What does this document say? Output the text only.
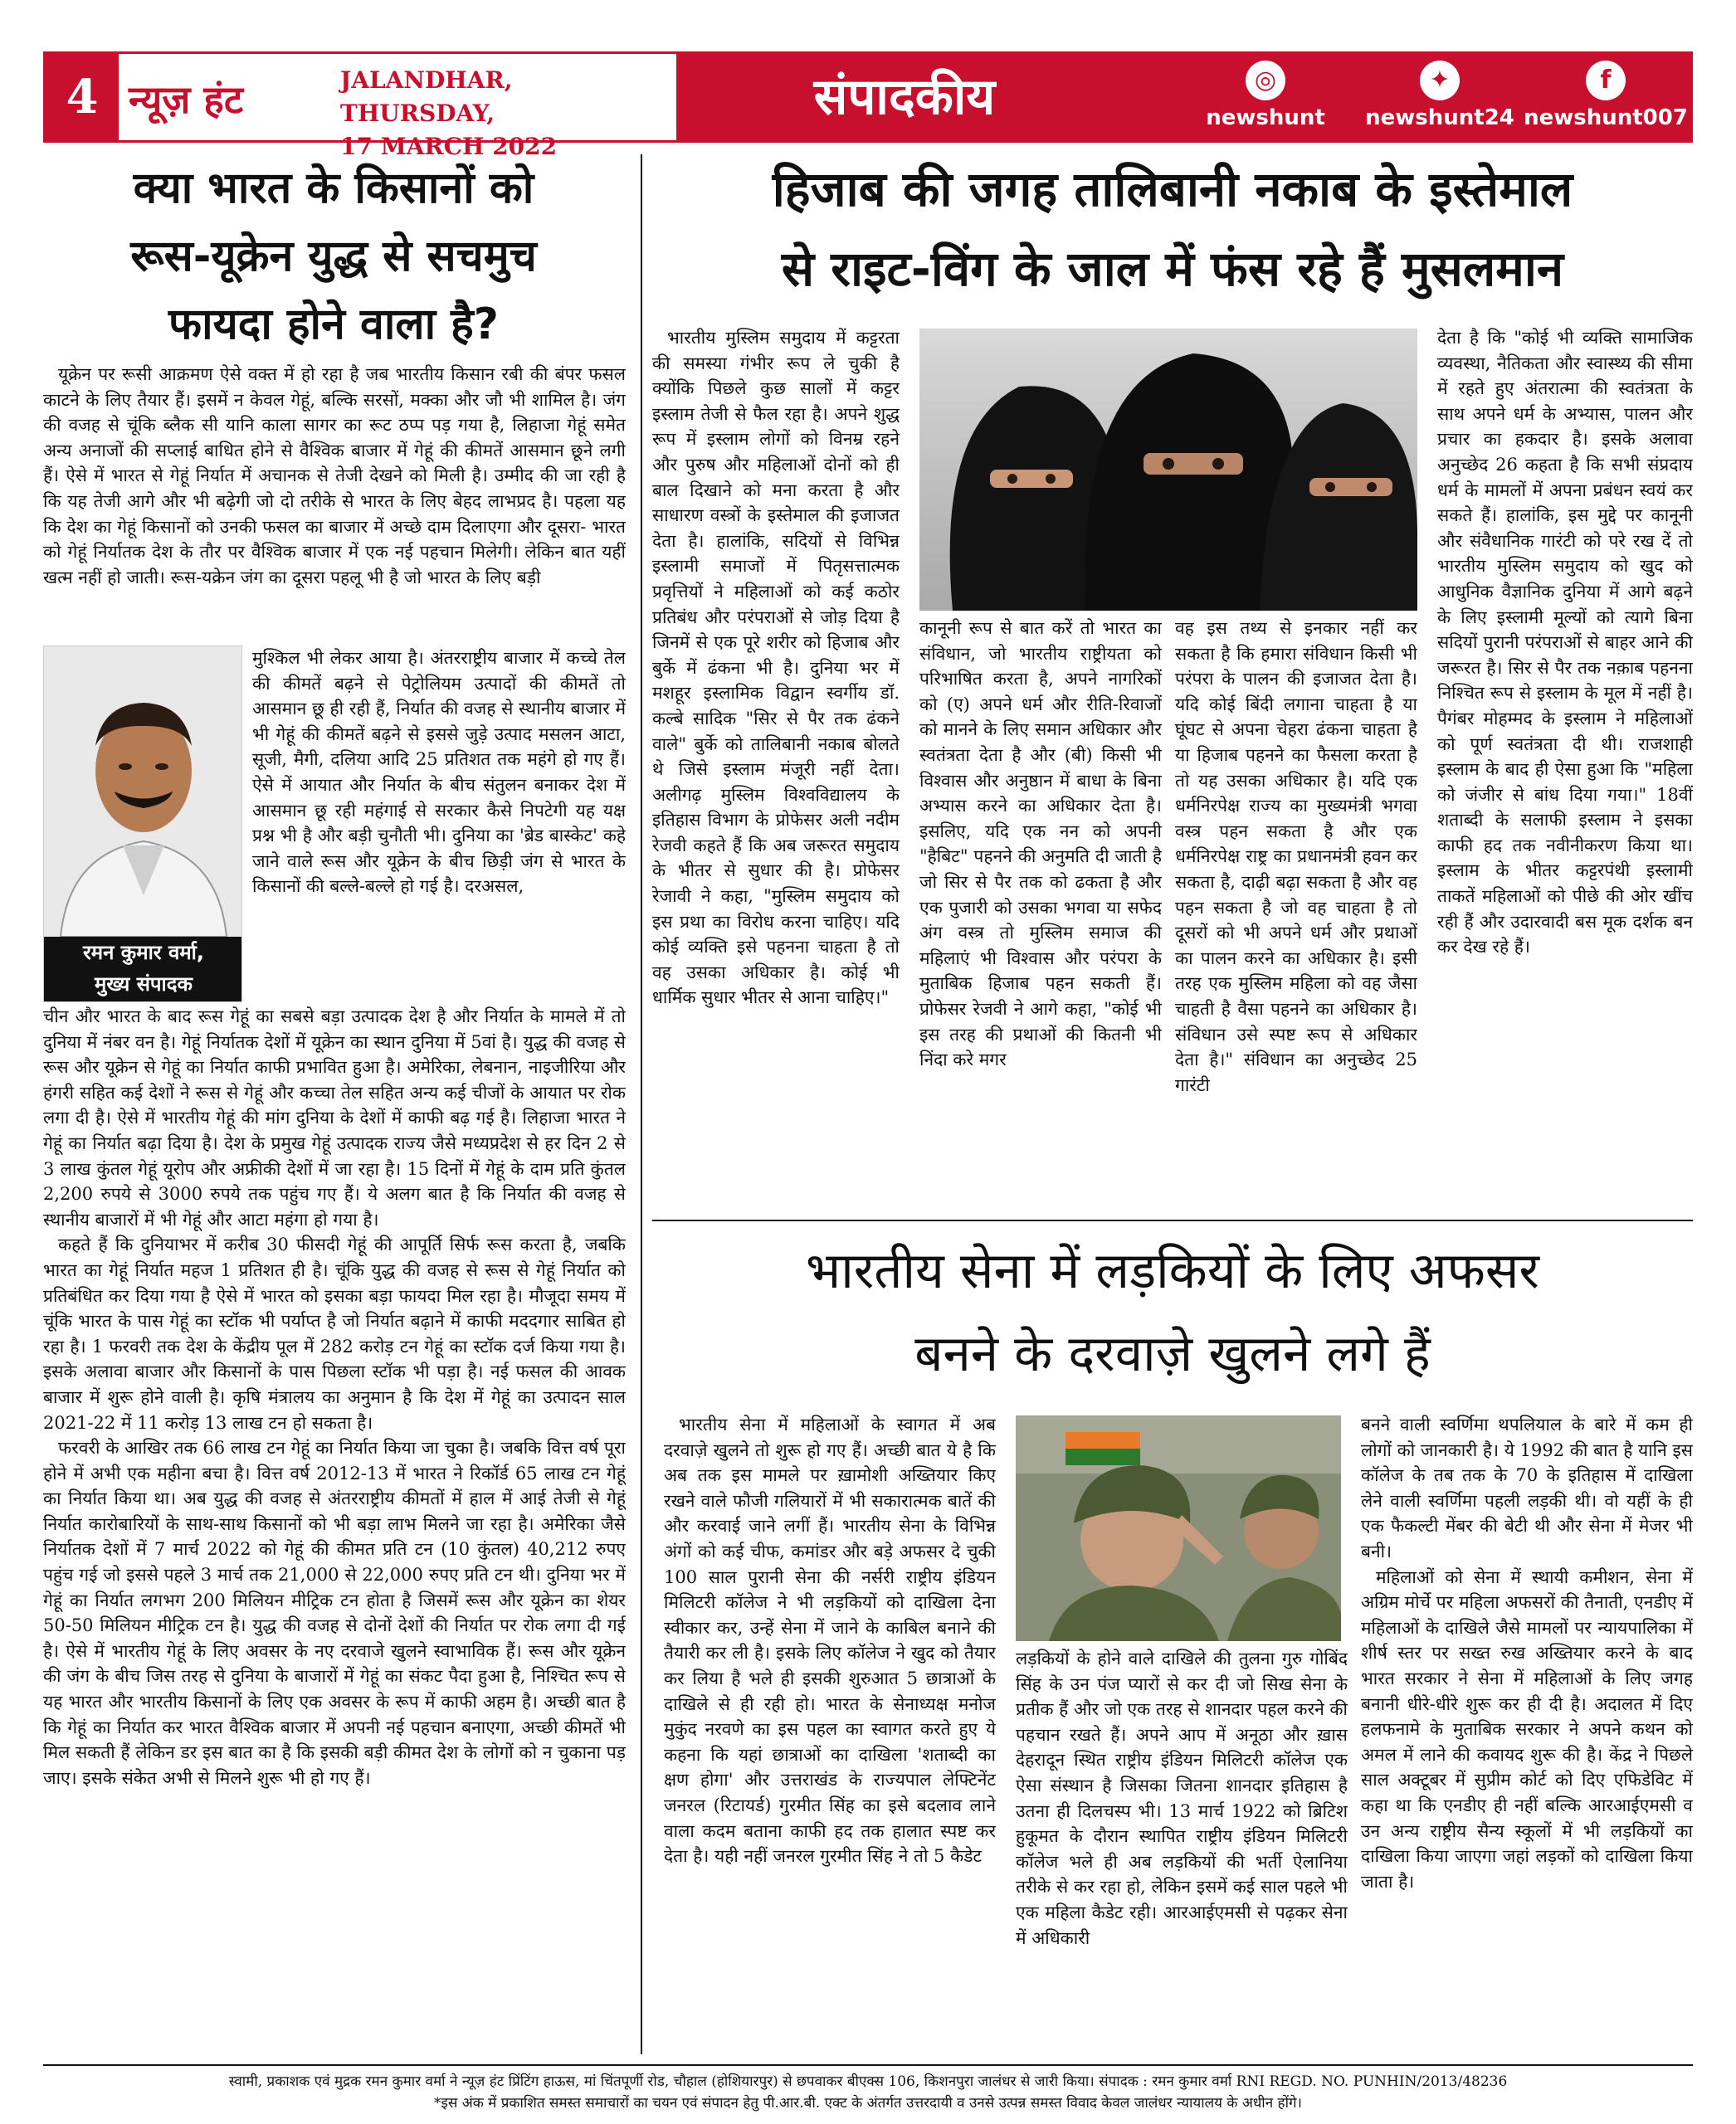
4 न्यूज़ हंट	JALANDHAR, THURSDAY,
17 MARCH 2022
संपादकीय	◎
newshunt
✦
newshunt24
f
newshunt007
क्या भारत के किसानों को
रूस-यूक्रेन युद्ध से सचमुच
फायदा होने वाला है?

यूक्रेन पर रूसी आक्रमण ऐसे वक्त में हो रहा है जब भारतीय किसान रबी की बंपर फसल काटने के लिए तैयार हैं। इसमें न केवल गेहूं, बल्कि सरसों, मक्का और जौ भी शामिल है। जंग की वजह से चूंकि ब्लैक सी यानि काला सागर का रूट ठप्प पड़ गया है, लिहाजा गेहूं समेत अन्य अनाजों की सप्लाई बाधित होने से वैश्विक बाजार में गेहूं की कीमतें आसमान छूने लगी हैं। ऐसे में भारत से गेहूं निर्यात में अचानक से तेजी देखने को मिली है। उम्मीद की जा रही है कि यह तेजी आगे और भी बढ़ेगी जो दो तरीके से भारत के लिए बेहद लाभप्रद है। पहला यह कि देश का गेहूं किसानों को उनकी फसल का बाजार में अच्छे दाम दिलाएगा और दूसरा- भारत को गेहूं निर्यातक देश के तौर पर वैश्विक बाजार में एक नई पहचान मिलेगी। लेकिन बात यहीं खत्म नहीं हो जाती। रूस-यक्रेन जंग का दूसरा पहलू भी है जो भारत के लिए बड़ी

रमन कुमार वर्मा,
मुख्य संपादक

मुश्किल भी लेकर आया है। अंतरराष्ट्रीय बाजार में कच्चे तेल की कीमतें बढ़ने से पेट्रोलियम उत्पादों की कीमतें तो आसमान छू ही रही हैं, निर्यात की वजह से स्थानीय बाजार में भी गेहूं की कीमतें बढ़ने से इससे जुड़े उत्पाद मसलन आटा, सूजी, मैगी, दलिया आदि 25 प्रतिशत तक महंगे हो गए हैं। ऐसे में आयात और निर्यात के बीच संतुलन बनाकर देश में आसमान छू रही महंगाई से सरकार कैसे निपटेगी यह यक्ष प्रश्न भी है और बड़ी चुनौती भी। दुनिया का 'ब्रेड बास्केट' कहे जाने वाले रूस और यूक्रेन के बीच छिड़ी जंग से भारत के किसानों की बल्ले-बल्ले हो गई है। दरअसल,

चीन और भारत के बाद रूस गेहूं का सबसे बड़ा उत्पादक देश है और निर्यात के मामले में तो दुनिया में नंबर वन है। गेहूं निर्यातक देशों में यूक्रेन का स्थान दुनिया में 5वां है। युद्ध की वजह से रूस और यूक्रेन से गेहूं का निर्यात काफी प्रभावित हुआ है। अमेरिका, लेबनान, नाइजीरिया और हंगरी सहित कई देशों ने रूस से गेहूं और कच्चा तेल सहित अन्य कई चीजों के आयात पर रोक लगा दी है। ऐसे में भारतीय गेहूं की मांग दुनिया के देशों में काफी बढ़ गई है। लिहाजा भारत ने गेहूं का निर्यात बढ़ा दिया है। देश के प्रमुख गेहूं उत्पादक राज्य जैसे मध्यप्रदेश से हर दिन 2 से 3 लाख कुंतल गेहूं यूरोप और अफ्रीकी देशों में जा रहा है। 15 दिनों में गेहूं के दाम प्रति कुंतल 2,200 रुपये से 3000 रुपये तक पहुंच गए हैं। ये अलग बात है कि निर्यात की वजह से स्थानीय बाजारों में भी गेहूं और आटा महंगा हो गया है।

कहते हैं कि दुनियाभर में करीब 30 फीसदी गेहूं की आपूर्ति सिर्फ रूस करता है, जबकि भारत का गेहूं निर्यात महज 1 प्रतिशत ही है। चूंकि युद्ध की वजह से रूस से गेहूं निर्यात को प्रतिबंधित कर दिया गया है ऐसे में भारत को इसका बड़ा फायदा मिल रहा है। मौजूदा समय में चूंकि भारत के पास गेहूं का स्टॉक भी पर्याप्त है जो निर्यात बढ़ाने में काफी मददगार साबित हो रहा है। 1 फरवरी तक देश के केंद्रीय पूल में 282 करोड़ टन गेहूं का स्टॉक दर्ज किया गया है। इसके अलावा बाजार और किसानों के पास पिछला स्टॉक भी पड़ा है। नई फसल की आवक बाजार में शुरू होने वाली है। कृषि मंत्रालय का अनुमान है कि देश में गेहूं का उत्पादन साल 2021-22 में 11 करोड़ 13 लाख टन हो सकता है।

फरवरी के आखिर तक 66 लाख टन गेहूं का निर्यात किया जा चुका है। जबकि वित्त वर्ष पूरा होने में अभी एक महीना बचा है। वित्त वर्ष 2012-13 में भारत ने रिकॉर्ड 65 लाख टन गेहूं का निर्यात किया था। अब युद्ध की वजह से अंतरराष्ट्रीय कीमतों में हाल में आई तेजी से गेहूं निर्यात कारोबारियों के साथ-साथ किसानों को भी बड़ा लाभ मिलने जा रहा है। अमेरिका जैसे निर्यातक देशों में 7 मार्च 2022 को गेहूं की कीमत प्रति टन (10 कुंतल) 40,212 रुपए पहुंच गई जो इससे पहले 3 मार्च तक 21,000 से 22,000 रुपए प्रति टन थी। दुनिया भर में गेहूं का निर्यात लगभग 200 मिलियन मीट्रिक टन होता है जिसमें रूस और यूक्रेन का शेयर 50-50 मिलियन मीट्रिक टन है। युद्ध की वजह से दोनों देशों की निर्यात पर रोक लगा दी गई है। ऐसे में भारतीय गेहूं के लिए अवसर के नए दरवाजे खुलने स्वाभाविक हैं। रूस और यूक्रेन की जंग के बीच जिस तरह से दुनिया के बाजारों में गेहूं का संकट पैदा हुआ है, निश्चित रूप से यह भारत और भारतीय किसानों के लिए एक अवसर के रूप में काफी अहम है। अच्छी बात है कि गेहूं का निर्यात कर भारत वैश्विक बाजार में अपनी नई पहचान बनाएगा, अच्छी कीमतें भी मिल सकती हैं लेकिन डर इस बात का है कि इसकी बड़ी कीमत देश के लोगों को न चुकाना पड़ जाए। इसके संकेत अभी से मिलने शुरू भी हो गए हैं।

हिजाब की जगह तालिबानी नकाब के इस्तेमाल
से राइट-विंग के जाल में फंस रहे हैं मुसलमान

भारतीय मुस्लिम समुदाय में कट्टरता की समस्या गंभीर रूप ले चुकी है क्योंकि पिछले कुछ सालों में कट्टर इस्लाम तेजी से फैल रहा है। अपने शुद्ध रूप में इस्लाम लोगों को विनम्र रहने और पुरुष और महिलाओं दोनों को ही बाल दिखाने को मना करता है और साधारण वस्त्रों के इस्तेमाल की इजाजत देता है। हालांकि, सदियों से विभिन्न इस्लामी समाजों में पितृसत्तात्मक प्रवृत्तियों ने महिलाओं को कई कठोर प्रतिबंध और परंपराओं से जोड़ दिया है जिनमें से एक पूरे शरीर को हिजाब और बुर्के में ढंकना भी है। दुनिया भर में मशहूर इस्लामिक विद्वान स्वर्गीय डॉ. कल्बे सादिक "सिर से पैर तक ढंकने वाले" बुर्के को तालिबानी नकाब बोलते थे जिसे इस्लाम मंजूरी नहीं देता। अलीगढ़ मुस्लिम विश्वविद्यालय के इतिहास विभाग के प्रोफेसर अली नदीम रेजवी कहते हैं कि अब जरूरत समुदाय के भीतर से सुधार की है। प्रोफेसर रेजावी ने कहा, "मुस्लिम समुदाय को इस प्रथा का विरोध करना चाहिए। यदि कोई व्यक्ति इसे पहनना चाहता है तो वह उसका अधिकार है। कोई भी धार्मिक सुधार भीतर से आना चाहिए।"

कानूनी रूप से बात करें तो भारत का संविधान, जो भारतीय राष्ट्रीयता को परिभाषित करता है, अपने नागरिकों को (ए) अपने धर्म और रीति-रिवाजों को मानने के लिए समान अधिकार और स्वतंत्रता देता है और (बी) किसी भी विश्वास और अनुष्ठान में बाधा के बिना अभ्यास करने का अधिकार देता है। इसलिए, यदि एक नन को अपनी "हैबिट" पहनने की अनुमति दी जाती है जो सिर से पैर तक को ढकता है और एक पुजारी को उसका भगवा या सफेद अंग वस्त्र तो मुस्लिम समाज की महिलाएं भी विश्वास और परंपरा के मुताबिक हिजाब पहन सकती हैं। प्रोफेसर रेजवी ने आगे कहा, "कोई भी इस तरह की प्रथाओं की कितनी भी निंदा करे मगर

वह इस तथ्य से इनकार नहीं कर सकता है कि हमारा संविधान किसी भी परंपरा के पालन की इजाजत देता है। यदि कोई बिंदी लगाना चाहता है या घूंघट से अपना चेहरा ढंकना चाहता है या हिजाब पहनने का फैसला करता है तो यह उसका अधिकार है। यदि एक धर्मनिरपेक्ष राज्य का मुख्यमंत्री भगवा वस्त्र पहन सकता है और एक धर्मनिरपेक्ष राष्ट्र का प्रधानमंत्री हवन कर सकता है, दाढ़ी बढ़ा सकता है और वह पहन सकता है जो वह चाहता है तो दूसरों को भी अपने धर्म और प्रथाओं का पालन करने का अधिकार है। इसी तरह एक मुस्लिम महिला को वह जैसा चाहती है वैसा पहनने का अधिकार है। संविधान उसे स्पष्ट रूप से अधिकार देता है।" संविधान का अनुच्छेद 25 गारंटी

देता है कि "कोई भी व्यक्ति सामाजिक व्यवस्था, नैतिकता और स्वास्थ्य की सीमा में रहते हुए अंतरात्मा की स्वतंत्रता के साथ अपने धर्म के अभ्यास, पालन और प्रचार का हकदार है। इसके अलावा अनुच्छेद 26 कहता है कि सभी संप्रदाय धर्म के मामलों में अपना प्रबंधन स्वयं कर सकते हैं। हालांकि, इस मुद्दे पर कानूनी और संवैधानिक गारंटी को परे रख दें तो भारतीय मुस्लिम समुदाय को खुद को आधुनिक वैज्ञानिक दुनिया में आगे बढ़ने के लिए इस्लामी मूल्यों को त्यागे बिना सदियों पुरानी परंपराओं से बाहर आने की जरूरत है। सिर से पैर तक नक़ाब पहनना निश्चित रूप से इस्लाम के मूल में नहीं है। पैगंबर मोहम्मद के इस्लाम ने महिलाओं को पूर्ण स्वतंत्रता दी थी। राजशाही इस्लाम के बाद ही ऐसा हुआ कि "महिला को जंजीर से बांध दिया गया।" 18वीं शताब्दी के सलाफी इस्लाम ने इसका काफी हद तक नवीनीकरण किया था। इस्लाम के भीतर कट्टरपंथी इस्लामी ताकतें महिलाओं को पीछे की ओर खींच रही हैं और उदारवादी बस मूक दर्शक बन कर देख रहे हैं।

भारतीय सेना में लड़कियों के लिए अफसर
बनने के दरवाज़े खुलने लगे हैं

भारतीय सेना में महिलाओं के स्वागत में अब दरवाज़े खुलने तो शुरू हो गए हैं। अच्छी बात ये है कि अब तक इस मामले पर ख़ामोशी अख्तियार किए रखने वाले फौजी गलियारों में भी सकारात्मक बातें की और करवाई जाने लगीं हैं। भारतीय सेना के विभिन्न अंगों को कई चीफ, कमांडर और बड़े अफसर दे चुकी 100 साल पुरानी सेना की नर्सरी राष्ट्रीय इंडियन मिलिटरी कॉलेज ने भी लड़कियों को दाखिला देना स्वीकार कर, उन्हें सेना में जाने के काबिल बनाने की तैयारी कर ली है। इसके लिए कॉलेज ने खुद को तैयार कर लिया है भले ही इसकी शुरुआत 5 छात्राओं के दाखिले से ही रही हो। भारत के सेनाध्यक्ष मनोज मुकुंद नरवणे का इस पहल का स्वागत करते हुए ये कहना कि यहां छात्राओं का दाखिला 'शताब्दी का क्षण होगा' और उत्तराखंड के राज्यपाल लेफ्टिनेंट जनरल (रिटायर्ड) गुरमीत सिंह का इसे बदलाव लाने वाला कदम बताना काफी हद तक हालात स्पष्ट कर देता है। यही नहीं जनरल गुरमीत सिंह ने तो 5 कैडेट

लड़कियों के होने वाले दाखिले की तुलना गुरु गोबिंद सिंह के उन पंज प्यारों से कर दी जो सिख सेना के प्रतीक हैं और जो एक तरह से शानदार पहल करने की पहचान रखते हैं। अपने आप में अनूठा और ख़ास देहरादून स्थित राष्ट्रीय इंडियन मिलिटरी कॉलेज एक ऐसा संस्थान है जिसका जितना शानदार इतिहास है उतना ही दिलचस्प भी। 13 मार्च 1922 को ब्रिटिश हुकूमत के दौरान स्थापित राष्ट्रीय इंडियन मिलिटरी कॉलेज भले ही अब लड़कियों की भर्ती ऐलानिया तरीके से कर रहा हो, लेकिन इसमें कई साल पहले भी एक महिला कैडेट रही। आरआईएमसी से पढ़कर सेना में अधिकारी

बनने वाली स्वर्णिमा थपलियाल के बारे में कम ही लोगों को जानकारी है। ये 1992 की बात है यानि इस कॉलेज के तब तक के 70 के इतिहास में दाखिला लेने वाली स्वर्णिमा पहली लड़की थी। वो यहीं के ही एक फैकल्टी मेंबर की बेटी थी और सेना में मेजर भी बनी।

महिलाओं को सेना में स्थायी कमीशन, सेना में अग्रिम मोर्चे पर महिला अफसरों की तैनाती, एनडीए में महिलाओं के दाखिले जैसे मामलों पर न्यायपालिका में शीर्ष स्तर पर सख्त रुख अख्तियार करने के बाद भारत सरकार ने सेना में महिलाओं के लिए जगह बनानी धीरे-धीरे शुरू कर ही दी है। अदालत में दिए हलफनामे के मुताबिक सरकार ने अपने कथन को अमल में लाने की कवायद शुरू की है। केंद्र ने पिछले साल अक्टूबर में सुप्रीम कोर्ट को दिए एफिडेविट में कहा था कि एनडीए ही नहीं बल्कि आरआईएमसी व उन अन्य राष्ट्रीय सैन्य स्कूलों में भी लड़कियों का दाखिला किया जाएगा जहां लड़कों को दाखिला किया जाता है।

स्वामी, प्रकाशक एवं मुद्रक रमन कुमार वर्मा ने न्यूज़ हंट प्रिंटिंग हाऊस, मां चिंतपूर्णी रोड, चौहाल (होशियारपुर) से छपवाकर बीएक्स 106, किशनपुरा जालंधर से जारी किया। संपादक : रमन कुमार वर्मा RNI REGD. NO. PUNHIN/2013/48236
*इस अंक में प्रकाशित समस्त समाचारों का चयन एवं संपादन हेतु पी.आर.बी. एक्ट के अंतर्गत उत्तरदायी व उनसे उत्पन्न समस्त विवाद केवल जालंधर न्यायालय के अधीन होंगे।
